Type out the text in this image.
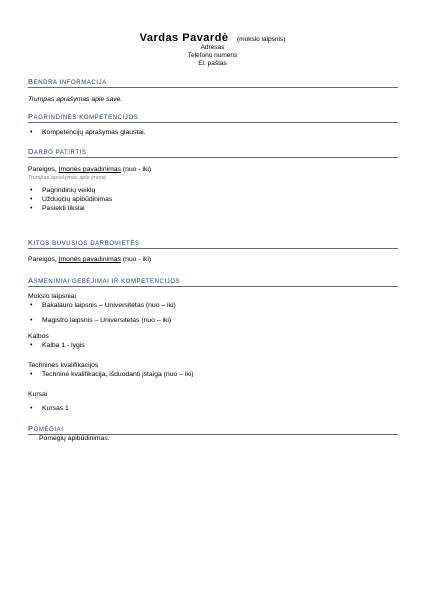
Vardas Pavardė (mokslo laipsnis)
Adresas
Telefono numeris
El. paštas
BENDRA INFORMACIJA
Trumpas aprašymas apie save.
PAGRINDINĖS KOMPETENCIJOS
• Kompetencijų aprašymas glaustai.
DARBO PATIRTIS
Pareigos, Įmonės pavadinimas (nuo - iki)
Trumpas aprašymas apie įmonę
• Pagrindinių veiklų
• Užduočių apibūdinimas
• Pasiekti tikslai
KITOS BUVUSIOS DARBOVIETĖS
Pareigos, Įmonės pavadinimas (nuo - iki)
ASMENINIAI GEBĖJIMAI IR KOMPETENCIJOS
Mokslo laipsniai
• Bakalauro laipsnis – Universitetas (nuo – iki)
• Magistro laipsnis – Universitetas (nuo – iki)
Kalbos
• Kalba 1 - lygis
Techninės kvalifikacijos
• Techninė kvalifikacija, išduodanti įstaiga (nuo – iki)
Kursai
• Kursas 1
POMĖGIAI
Pomėgių apibūdinimas.
